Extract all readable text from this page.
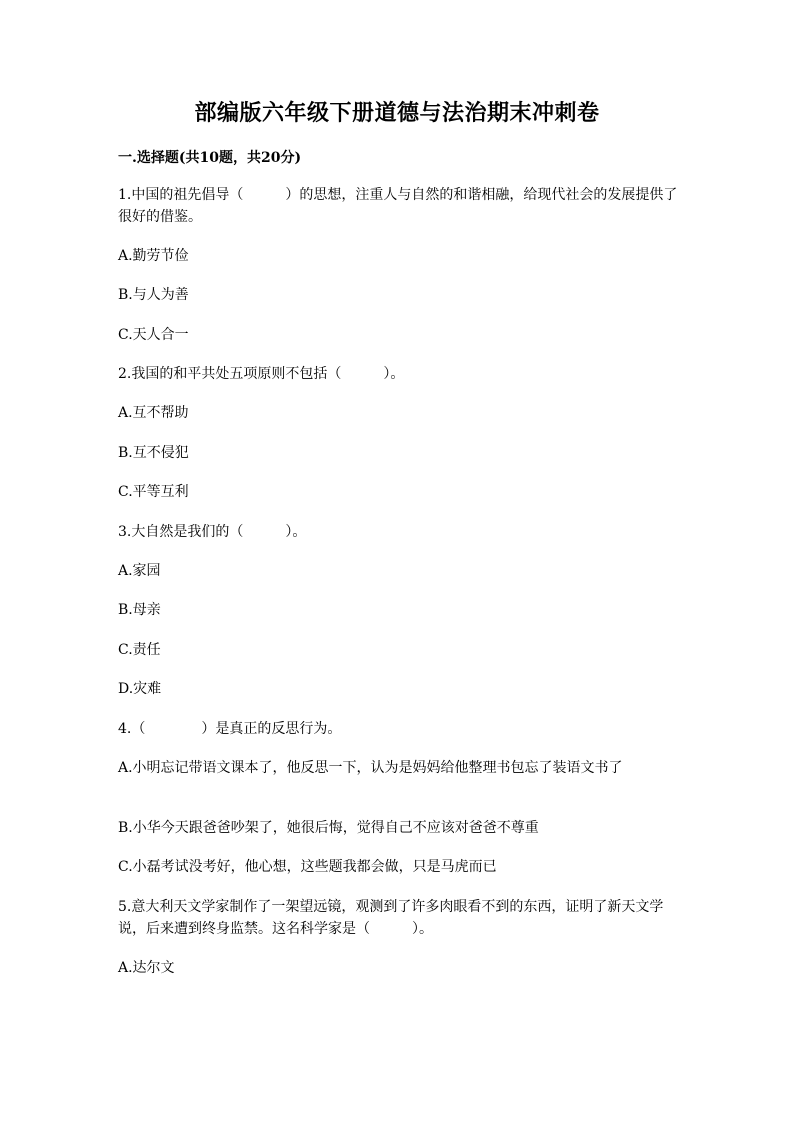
部编版六年级下册道德与法治期末冲刺卷
一.选择题(共10题，共20分)
1.中国的祖先倡导（　　　）的思想，注重人与自然的和谐相融，给现代社会的发展提供了很好的借鉴。
A.勤劳节俭
B.与人为善
C.天人合一
2.我国的和平共处五项原则不包括（　　　）。
A.互不帮助
B.互不侵犯
C.平等互利
3.大自然是我们的（　　　）。
A.家园
B.母亲
C.责任
D.灾难
4.（　　　　）是真正的反思行为。
A.小明忘记带语文课本了，他反思一下，认为是妈妈给他整理书包忘了装语文书了
B.小华今天跟爸爸吵架了，她很后悔，觉得自己不应该对爸爸不尊重
C.小磊考试没考好，他心想，这些题我都会做，只是马虎而已
5.意大利天文学家制作了一架望远镜，观测到了许多肉眼看不到的东西，证明了新天文学说，后来遭到终身监禁。这名科学家是（　　　）。
A.达尔文
